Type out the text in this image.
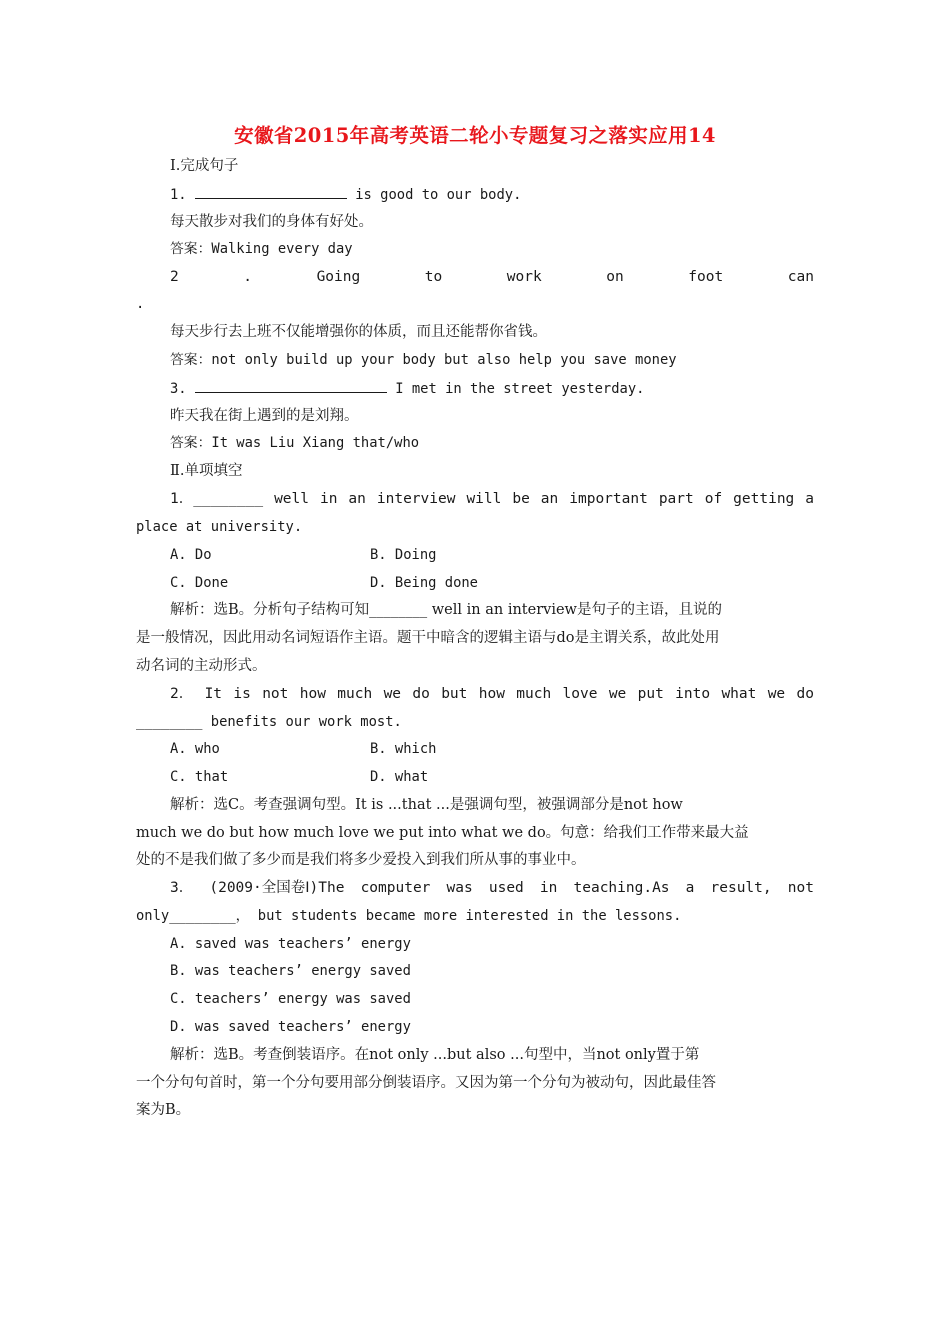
安徽省2015年高考英语二轮小专题复习之落实应用14
Ⅰ.完成句子
1.	is good to our body.
每天散步对我们的身体有好处。
答案：Walking every day
2	.	Going	to	work	on	foot	can
.
每天步行去上班不仅能增强你的体质，而且还能帮你省钱。
答案：not only build up your body but also help you save money
3.	I met in the street yesterday.
昨天我在街上遇到的是刘翔。
答案：It was Liu Xiang that/who
Ⅱ.单项填空
1．________ well in an interview will be an important part of getting a
place at university.
A. Do	B. Doing
C. Done	D. Being done
解析：选B。分析句子结构可知________ well in an interview是句子的主语，且说的
是一般情况，因此用动名词短语作主语。题干中暗含的逻辑主语与do是主谓关系，故此处用
动名词的主动形式。
2． It is not how much we do but how much love we put into what we do
________ benefits our work most.
A. who	B. which
C. that	D. what
解析：选C。考查强调句型。It is ...that ...是强调句型，被强调部分是not how
much we do but how much love we put into what we do。句意：给我们工作带来最大益
处的不是我们做了多少而是我们将多少爱投入到我们所从事的事业中。
3． (2009·全国卷Ⅰ)The computer was used in teaching.As a result, not
only________， but students became more interested in the lessons.
A. saved was teachers’ energy
B. was teachers’ energy saved
C. teachers’ energy was saved
D. was saved teachers’ energy
解析：选B。考查倒装语序。在not only ...but also ...句型中，当not only置于第
一个分句句首时，第一个分句要用部分倒装语序。又因为第一个分句为被动句，因此最佳答
案为B。
